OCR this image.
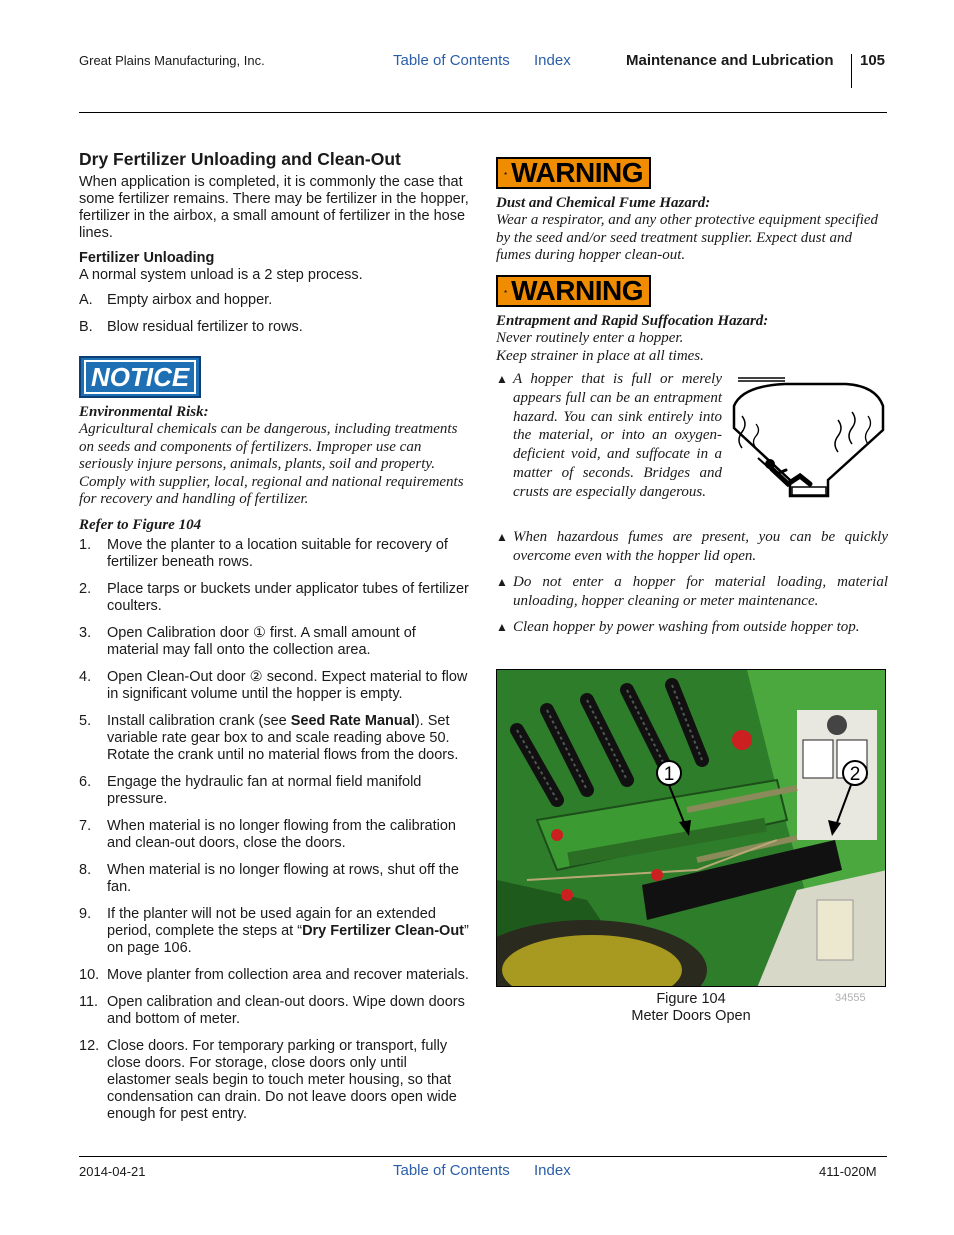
Great Plains Manufacturing, Inc.	Table of Contents Index	Maintenance and Lubrication 105
Dry Fertilizer Unloading and Clean-Out

When application is completed, it is commonly the case that some fertilizer remains. There may be fertilizer in the hopper, fertilizer in the airbox, a small amount of fertilizer in the hose lines.

Fertilizer Unloading

A normal system unload is a 2 step process.

A. Empty airbox and hopper.
B. Blow residual fertilizer to rows.
NOTICE
Environmental Risk:
Agricultural chemicals can be dangerous, including treatments on seeds and components of fertilizers. Improper use can seriously injure persons, animals, plants, soil and property. Comply with supplier, local, regional and national requirements for recovery and handling of fertilizer.
Refer to Figure 104
1.	Move the planter to a location suitable for recovery of fertilizer beneath rows.
2.	Place tarps or buckets under applicator tubes of fertilizer coulters.
3.	Open Calibration door ① first. A small amount of material may fall onto the collection area.
4.	Open Clean-Out door ② second. Expect material to flow in significant volume until the hopper is empty.
5.	Install calibration crank (see Seed Rate Manual). Set variable rate gear box to and scale reading above 50. Rotate the crank until no material flows from the doors.
6.	Engage the hydraulic fan at normal field manifold pressure.
7.	When material is no longer flowing from the calibration and clean-out doors, close the doors.
8.	When material is no longer flowing at rows, shut off the fan.
9.	If the planter will not be used again for an extended period, complete the steps at “Dry Fertilizer Clean-Out” on page 106.
10. Move planter from collection area and recover materials.
11. Open calibration and clean-out doors. Wipe down doors and bottom of meter.
12. Close doors. For temporary parking or transport, fully close doors. For storage, close doors only until elastomer seals begin to touch meter housing, so that condensation can drain. Do not leave doors open wide enough for pest entry.
WARNING
Dust and Chemical Fume Hazard:
Wear a respirator, and any other protective equipment specified by the seed and/or seed treatment supplier. Expect dust and fumes during hopper clean-out.
WARNING
Entrapment and Rapid Suffocation Hazard:
Never routinely enter a hopper.
Keep strainer in place at all times.
▲ A hopper that is full or merely appears full can be an entrapment hazard. You can sink entirely into the material, or into an oxygen-deficient void, and suffocate in a matter of seconds. Bridges and crusts are especially dangerous.
▲ When hazardous fumes are present, you can be quickly overcome even with the hopper lid open.
▲ Do not enter a hopper for material loading, material unloading, hopper cleaning or meter maintenance.
▲ Clean hopper by power washing from outside hopper top.
1	2
Figure 104
Meter Doors Open
34555
2014-04-21	Table of Contents Index	411-020M
